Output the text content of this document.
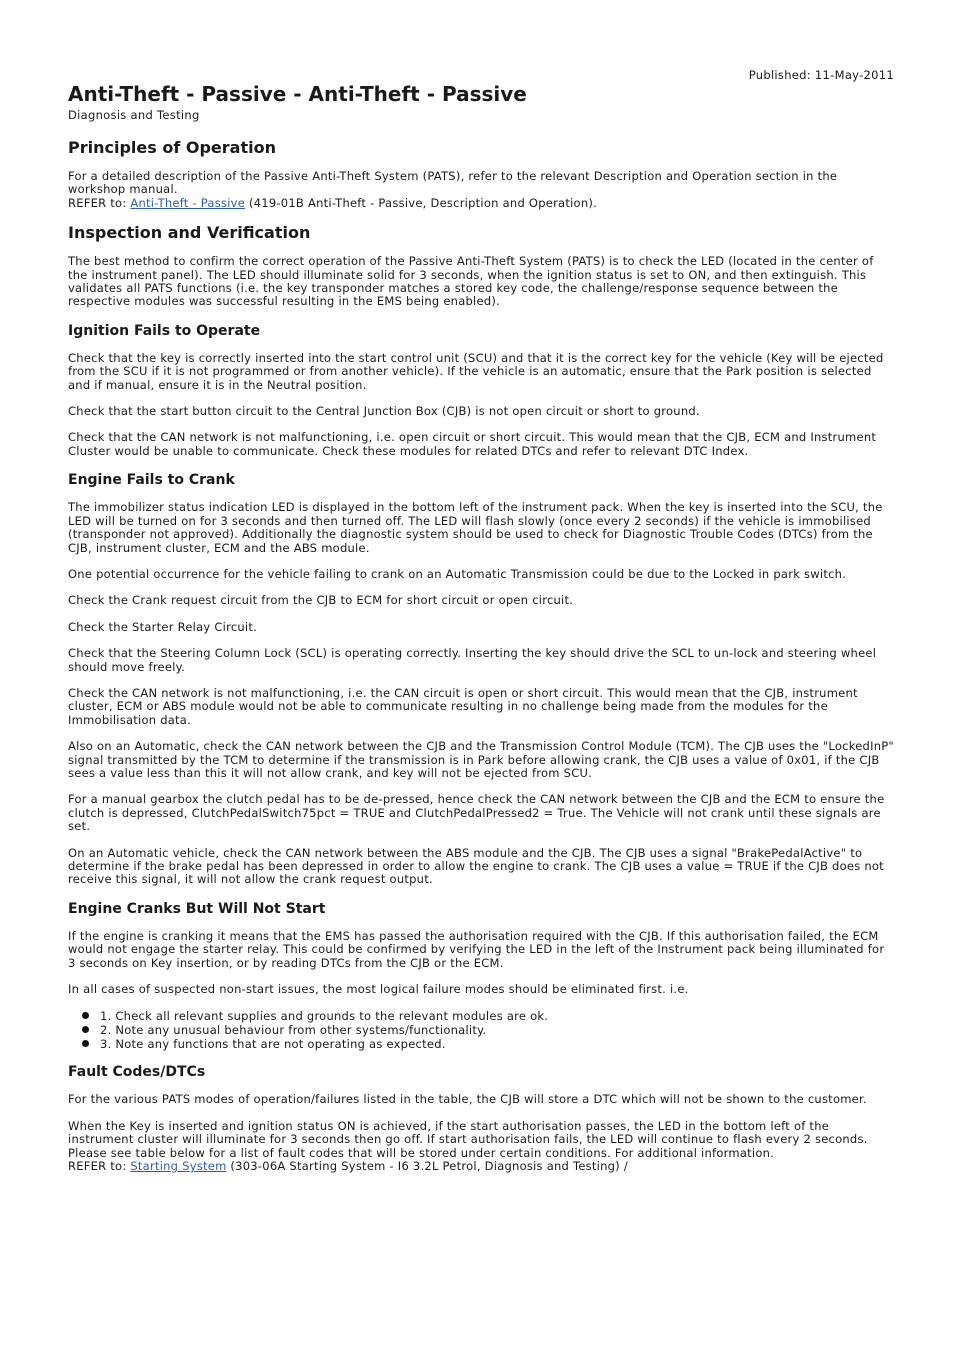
Published: 11-May-2011
Anti-Theft - Passive - Anti-Theft - Passive
Diagnosis and Testing
Principles of Operation

For a detailed description of the Passive Anti-Theft System (PATS), refer to the relevant Description and Operation section in the workshop manual.
REFER to: Anti-Theft - Passive (419-01B Anti-Theft - Passive, Description and Operation).

Inspection and Verification

The best method to confirm the correct operation of the Passive Anti-Theft System (PATS) is to check the LED (located in the center of the instrument panel). The LED should illuminate solid for 3 seconds, when the ignition status is set to ON, and then extinguish. This validates all PATS functions (i.e. the key transponder matches a stored key code, the challenge/response sequence between the respective modules was successful resulting in the EMS being enabled).

Ignition Fails to Operate

Check that the key is correctly inserted into the start control unit (SCU) and that it is the correct key for the vehicle (Key will be ejected from the SCU if it is not programmed or from another vehicle). If the vehicle is an automatic, ensure that the Park position is selected and if manual, ensure it is in the Neutral position.

Check that the start button circuit to the Central Junction Box (CJB) is not open circuit or short to ground.

Check that the CAN network is not malfunctioning, i.e. open circuit or short circuit. This would mean that the CJB, ECM and Instrument Cluster would be unable to communicate. Check these modules for related DTCs and refer to relevant DTC Index.

Engine Fails to Crank

The immobilizer status indication LED is displayed in the bottom left of the instrument pack. When the key is inserted into the SCU, the LED will be turned on for 3 seconds and then turned off. The LED will flash slowly (once every 2 seconds) if the vehicle is immobilised (transponder not approved). Additionally the diagnostic system should be used to check for Diagnostic Trouble Codes (DTCs) from the CJB, instrument cluster, ECM and the ABS module.

One potential occurrence for the vehicle failing to crank on an Automatic Transmission could be due to the Locked in park switch.

Check the Crank request circuit from the CJB to ECM for short circuit or open circuit.

Check the Starter Relay Circuit.

Check that the Steering Column Lock (SCL) is operating correctly. Inserting the key should drive the SCL to un-lock and steering wheel should move freely.

Check the CAN network is not malfunctioning, i.e. the CAN circuit is open or short circuit. This would mean that the CJB, instrument cluster, ECM or ABS module would not be able to communicate resulting in no challenge being made from the modules for the Immobilisation data.

Also on an Automatic, check the CAN network between the CJB and the Transmission Control Module (TCM). The CJB uses the "LockedInP" signal transmitted by the TCM to determine if the transmission is in Park before allowing crank, the CJB uses a value of 0x01, if the CJB sees a value less than this it will not allow crank, and key will not be ejected from SCU.

For a manual gearbox the clutch pedal has to be de-pressed, hence check the CAN network between the CJB and the ECM to ensure the clutch is depressed, ClutchPedalSwitch75pct = TRUE and ClutchPedalPressed2 = True. The Vehicle will not crank until these signals are set.

On an Automatic vehicle, check the CAN network between the ABS module and the CJB. The CJB uses a signal "BrakePedalActive" to determine if the brake pedal has been depressed in order to allow the engine to crank. The CJB uses a value = TRUE if the CJB does not receive this signal, it will not allow the crank request output.

Engine Cranks But Will Not Start

If the engine is cranking it means that the EMS has passed the authorisation required with the CJB. If this authorisation failed, the ECM would not engage the starter relay. This could be confirmed by verifying the LED in the left of the Instrument pack being illuminated for 3 seconds on Key insertion, or by reading DTCs from the CJB or the ECM.

In all cases of suspected non-start issues, the most logical failure modes should be eliminated first. i.e.

1. Check all relevant supplies and grounds to the relevant modules are ok.
2. Note any unusual behaviour from other systems/functionality.
3. Note any functions that are not operating as expected.
Fault Codes/DTCs

For the various PATS modes of operation/failures listed in the table, the CJB will store a DTC which will not be shown to the customer.

When the Key is inserted and ignition status ON is achieved, if the start authorisation passes, the LED in the bottom left of the instrument cluster will illuminate for 3 seconds then go off. If start authorisation fails, the LED will continue to flash every 2 seconds. Please see table below for a list of fault codes that will be stored under certain conditions. For additional information.
REFER to: Starting System (303-06A Starting System - I6 3.2L Petrol, Diagnosis and Testing) /
